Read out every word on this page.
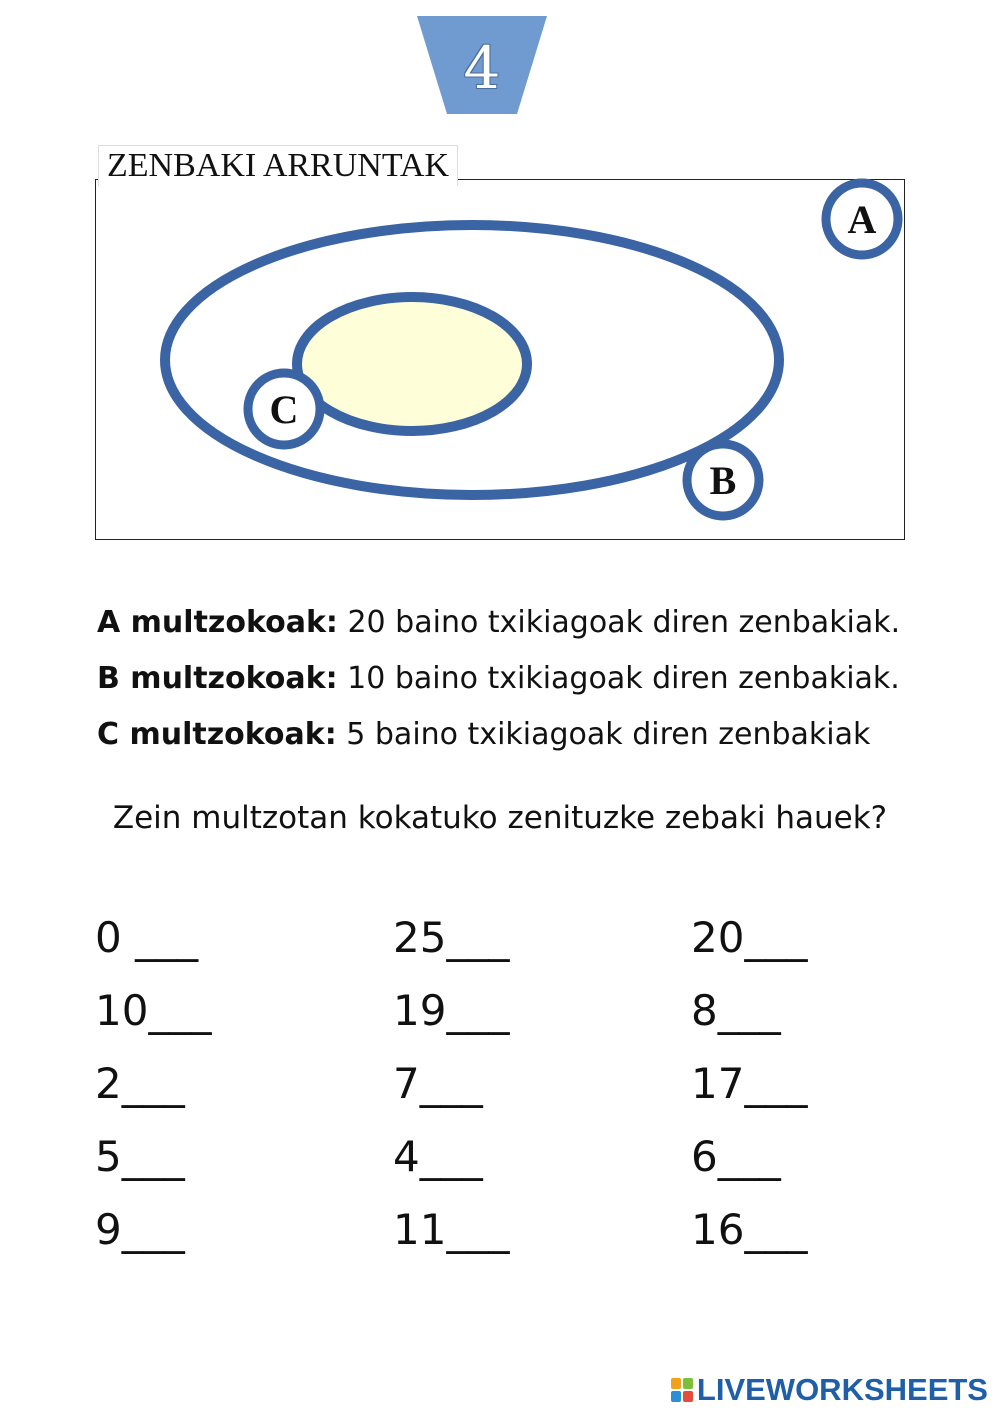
4
ZENBAKI ARRUNTAK
A
C
B
A multzokoak: 20 baino txikiagoak diren zenbakiak.
B multzokoak: 10 baino txikiagoak diren zenbakiak.
C multzokoak: 5 baino txikiagoak diren zenbakiak
Zein multzotan kokatuko zenituzke zebaki hauek?
0 ___
10___
2___
5___
9___
25___
19___
7___
4___
11___
20___
8___
17___
6___
16___
LIVEWORKSHEETS
